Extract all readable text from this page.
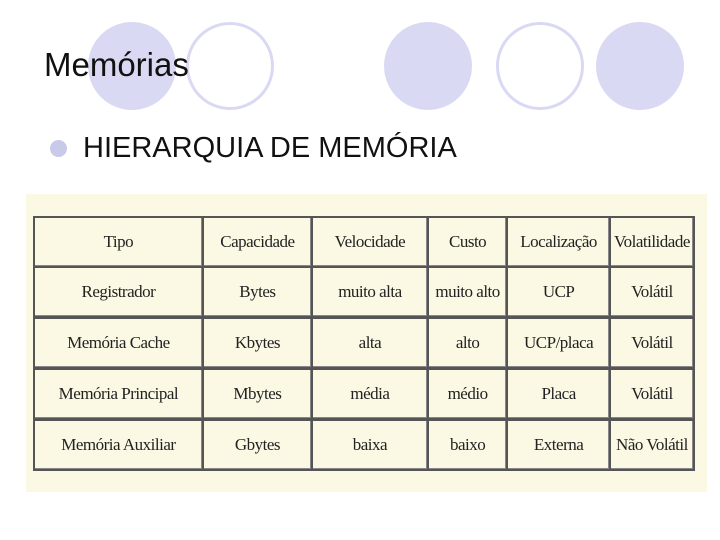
Memórias
HIERARQUIA DE MEMÓRIA
Tipo	Capacidade	Velocidade	Custo	Localização	Volatilidade
Registrador	Bytes	muito alta	muito alto	UCP	Volátil
Memória Cache	Kbytes	alta	alto	UCP/placa	Volátil
Memória Principal	Mbytes	média	médio	Placa	Volátil
Memória Auxiliar	Gbytes	baixa	baixo	Externa	Não Volátil
